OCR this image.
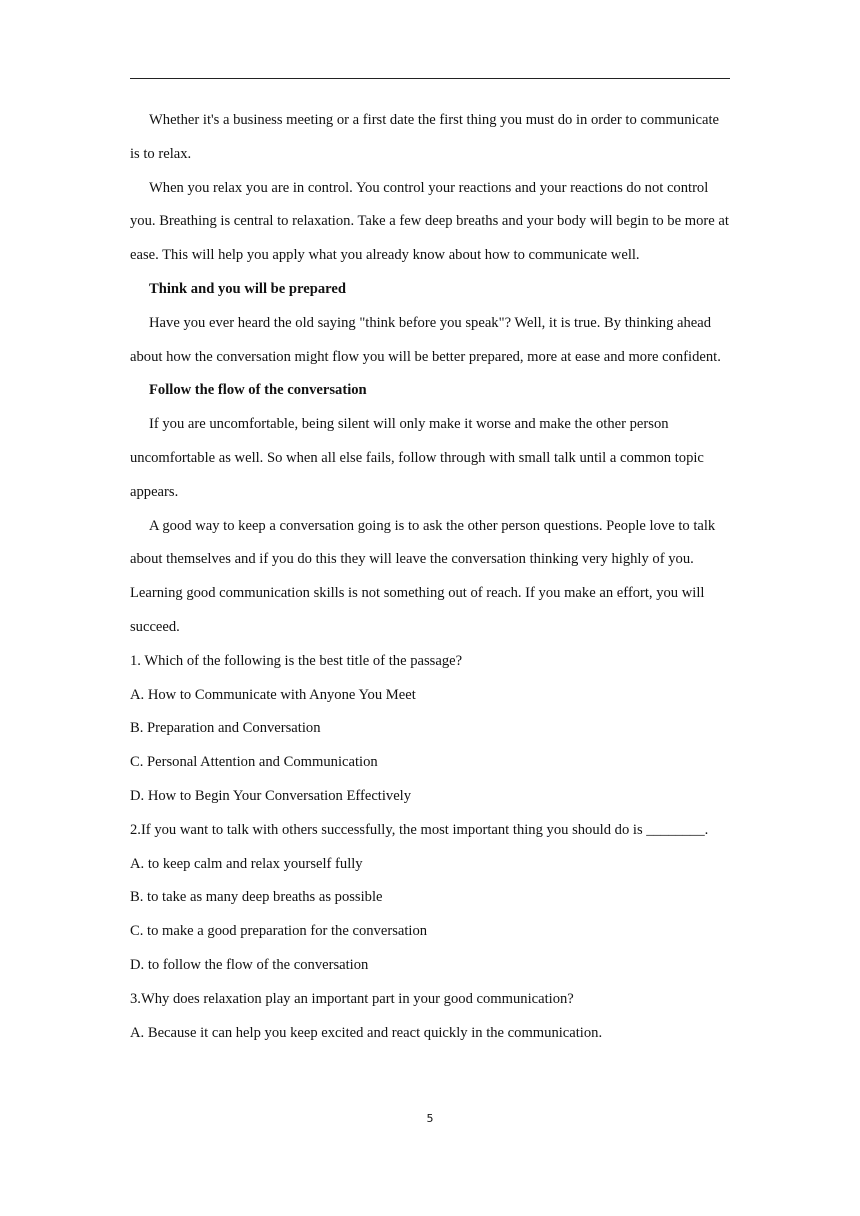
Whether it's a business meeting or a first date the first thing you must do in order to communicate is to relax.

When you relax you are in control. You control your reactions and your reactions do not control you. Breathing is central to relaxation. Take a few deep breaths and your body will begin to be more at ease. This will help you apply what you already know about how to communicate well.

Think and you will be prepared

Have you ever heard the old saying "think before you speak"? Well, it is true. By thinking ahead about how the conversation might flow you will be better prepared, more at ease and more confident.

Follow the flow of the conversation

If you are uncomfortable, being silent will only make it worse and make the other person uncomfortable as well. So when all else fails, follow through with small talk until a common topic appears.

A good way to keep a conversation going is to ask the other person questions. People love to talk about themselves and if you do this they will leave the conversation thinking very highly of you. Learning good communication skills is not something out of reach. If you make an effort, you will succeed.

1. Which of the following is the best title of the passage?

A. How to Communicate with Anyone You Meet

B. Preparation and Conversation

C. Personal Attention and Communication

D. How to Begin Your Conversation Effectively

2.If you want to talk with others successfully, the most important thing you should do is ________.

A. to keep calm and relax yourself fully

B. to take as many deep breaths as possible

C. to make a good preparation for the conversation

D. to follow the flow of the conversation

3.Why does relaxation play an important part in your good communication?

A. Because it can help you keep excited and react quickly in the communication.

5
